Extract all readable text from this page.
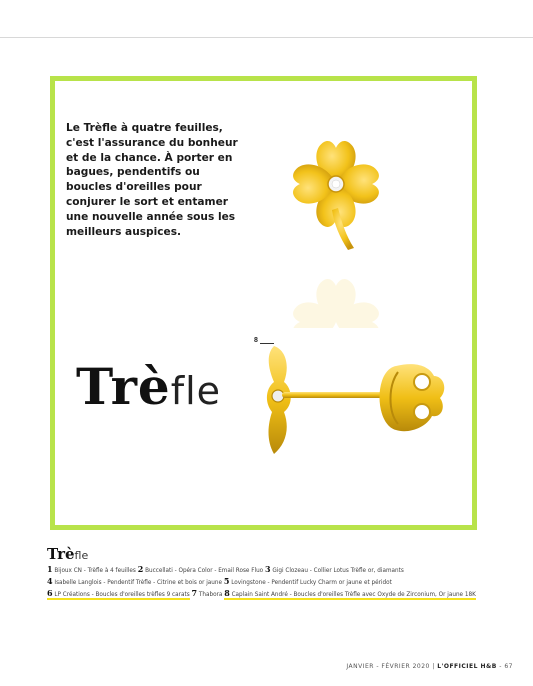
Le Trèfle à quatre feuilles, c'est l'assurance du bonheur et de la chance. À porter en bagues, pendentifs ou boucles d'oreilles pour conjurer le sort et entamer une nouvelle année sous les meilleurs auspices.

8
Trèfle
Trèfle
1 Bijoux CN - Trèfle à 4 feuilles 2 Buccellati - Opéra Color - Email Rose Fluo 3 Gigi Clozeau - Collier Lotus Trèfle or, diamants
4 Isabelle Langlois - Pendentif Trèfle - Citrine et bois or jaune 5 Lovingstone - Pendentif Lucky Charm or jaune et péridot
6 LP Créations - Boucles d'oreilles trèfles 9 carats 7 Thabora 8 Caplain Saint André - Boucles d'oreilles Trèfle avec Oxyde de Zirconium, Or jaune 18K
JANVIER - FÉVRIER 2020 | L'OFFICIEL H&B - 67
